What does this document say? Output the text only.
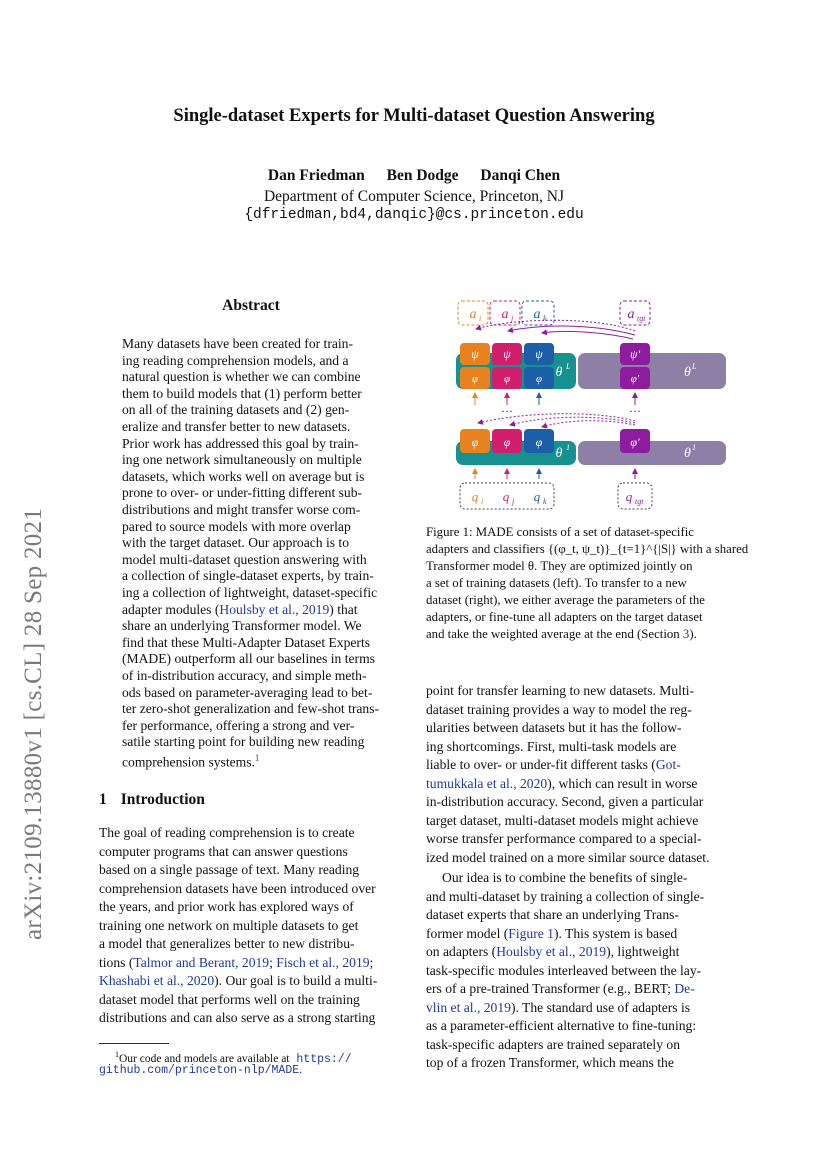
Single-dataset Experts for Multi-dataset Question Answering
Dan Friedman Ben Dodge Danqi Chen
Department of Computer Science, Princeton, NJ
{dfriedman,bd4,danqic}@cs.princeton.edu
arXiv:2109.13880v1 [cs.CL] 28 Sep 2021
Abstract
Many datasets have been created for train-
ing reading comprehension models, and a
natural question is whether we can combine
them to build models that (1) perform better
on all of the training datasets and (2) gen-
eralize and transfer better to new datasets.
Prior work has addressed this goal by train-
ing one network simultaneously on multiple
datasets, which works well on average but is
prone to over- or under-fitting different sub-
distributions and might transfer worse com-
pared to source models with more overlap
with the target dataset. Our approach is to
model multi-dataset question answering with
a collection of single-dataset experts, by train-
ing a collection of lightweight, dataset-specific
adapter modules (Houlsby et al., 2019) that
share an underlying Transformer model. We
find that these Multi-Adapter Dataset Experts
(MADE) outperform all our baselines in terms
of in-distribution accuracy, and simple meth-
ods based on parameter-averaging lead to bet-
ter zero-shot generalization and few-shot trans-
fer performance, offering a strong and ver-
satile starting point for building new reading
comprehension systems.$^1$
1 Introduction
The goal of reading comprehension is to create
computer programs that can answer questions
based on a single passage of text. Many reading
comprehension datasets have been introduced over
the years, and prior work has explored ways of
training one network on multiple datasets to get
a model that generalizes better to new distribu-
tions (Talmor and Berant, 2019; Fisch et al., 2019;
Khashabi et al., 2020). Our goal is to build a multi-
dataset model that performs well on the training
distributions and can also serve as a strong starting
point for transfer learning to new datasets. Multi-
dataset training provides a way to model the reg-
ularities between datasets but it has the follow-
ing shortcomings. First, multi-task models are
liable to over- or under-fit different tasks (Got-
tumukkala et al., 2020), which can result in worse
in-distribution accuracy. Second, given a particular
target dataset, multi-dataset models might achieve
worse transfer performance compared to a special-
ized model trained on a more similar source dataset.
Our idea is to combine the benefits of single-
and multi-dataset by training a collection of single-
dataset experts that share an underlying Trans-
former model (Figure 1). This system is based
on adapters (Houlsby et al., 2019), lightweight
task-specific modules interleaved between the lay-
ers of a pre-trained Transformer (e.g., BERT; De-
vlin et al., 2019). The standard use of adapters is
as a parameter-efficient alternative to fine-tuning:
task-specific adapters are trained separately on
top of a frozen Transformer, which means the
$^1$Our code and models are available at https://
github.com/princeton-nlp/MADE.
a i a j a k	a tgt
θ L	θ L
ψ ψ ψ	ψ'
φ φ φ	φ'
···	···
θ 1	θ 1
φ φ φ	φ'
q i q j q k	q tgt
Figure 1: MADE consists of a set of dataset-specific
adapters and classifiers {(φ_t, ψ_t)}_{t=1}^{|S|} with a shared
Transformer model θ. They are optimized jointly on
a set of training datasets (left). To transfer to a new
dataset (right), we either average the parameters of the
adapters, or fine-tune all adapters on the target dataset
and take the weighted average at the end (Section 3).
